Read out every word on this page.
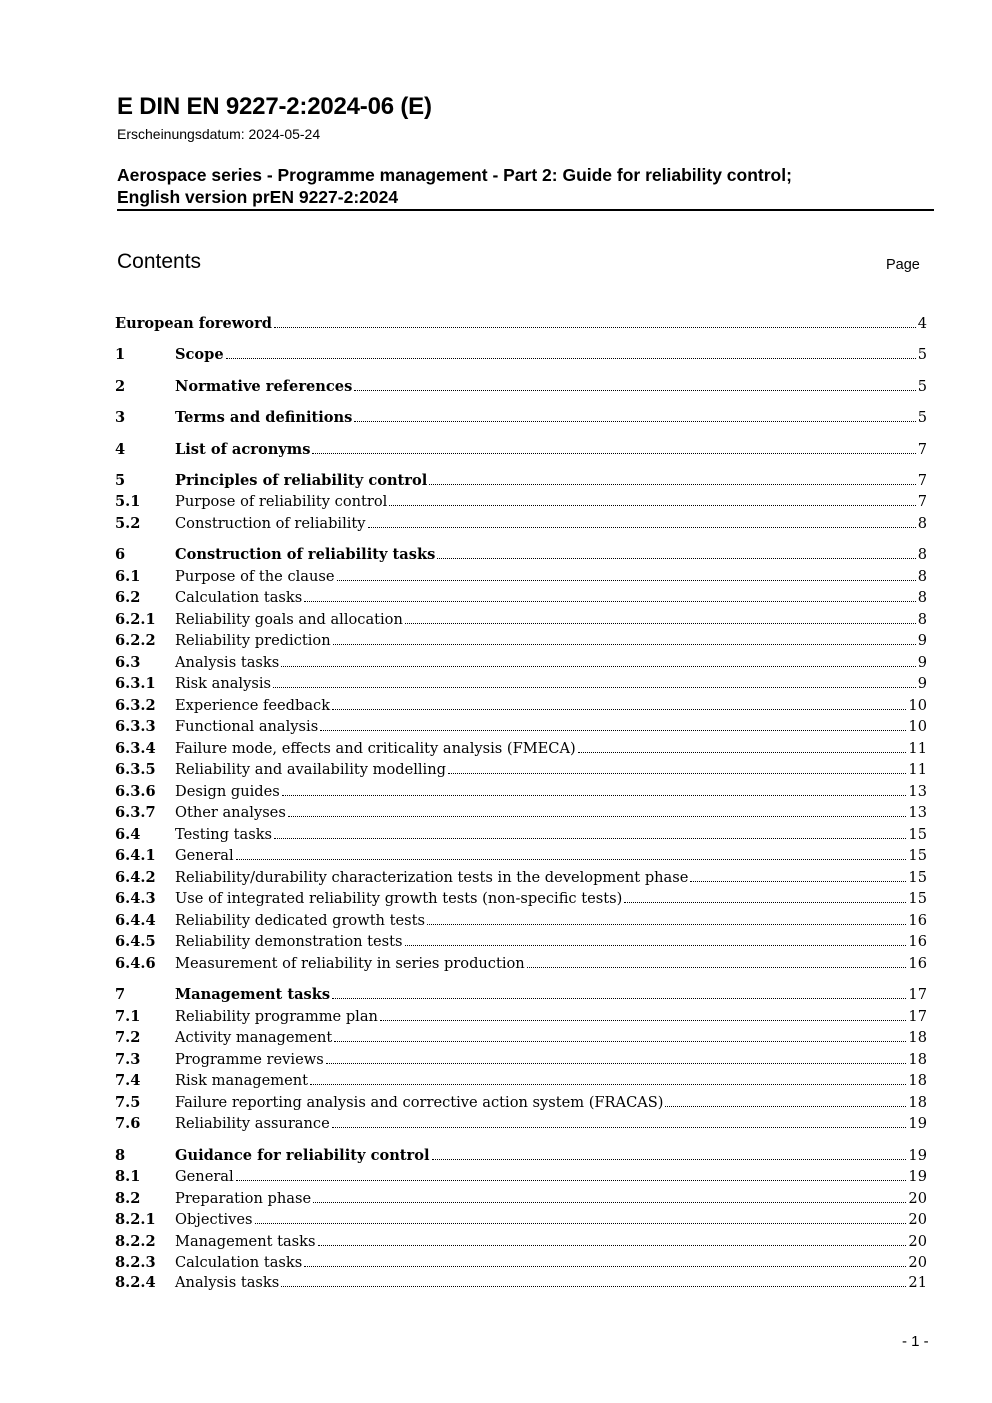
E DIN EN 9227-2:2024-06 (E)
Erscheinungsdatum: 2024-05-24
Aerospace series - Programme management - Part 2: Guide for reliability control;
English version prEN 9227-2:2024
Contents	Page
European foreword	4
1	Scope	5
2	Normative references	5
3	Terms and definitions	5
4	List of acronyms	7
5	Principles of reliability control	7
5.1	Purpose of reliability control	7
5.2	Construction of reliability	8
6	Construction of reliability tasks	8
6.1	Purpose of the clause	8
6.2	Calculation tasks	8
6.2.1	Reliability goals and allocation	8
6.2.2	Reliability prediction	9
6.3	Analysis tasks	9
6.3.1	Risk analysis	9
6.3.2	Experience feedback	10
6.3.3	Functional analysis	10
6.3.4	Failure mode, effects and criticality analysis (FMECA)	11
6.3.5	Reliability and availability modelling	11
6.3.6	Design guides	13
6.3.7	Other analyses	13
6.4	Testing tasks	15
6.4.1	General	15
6.4.2	Reliability/durability characterization tests in the development phase	15
6.4.3	Use of integrated reliability growth tests (non-specific tests)	15
6.4.4	Reliability dedicated growth tests	16
6.4.5	Reliability demonstration tests	16
6.4.6	Measurement of reliability in series production	16
7	Management tasks	17
7.1	Reliability programme plan	17
7.2	Activity management	18
7.3	Programme reviews	18
7.4	Risk management	18
7.5	Failure reporting analysis and corrective action system (FRACAS)	18
7.6	Reliability assurance	19
8	Guidance for reliability control	19
8.1	General	19
8.2	Preparation phase	20
8.2.1	Objectives	20
8.2.2	Management tasks	20
8.2.3	Calculation tasks	20
8.2.4	Analysis tasks	21
- 1 -
